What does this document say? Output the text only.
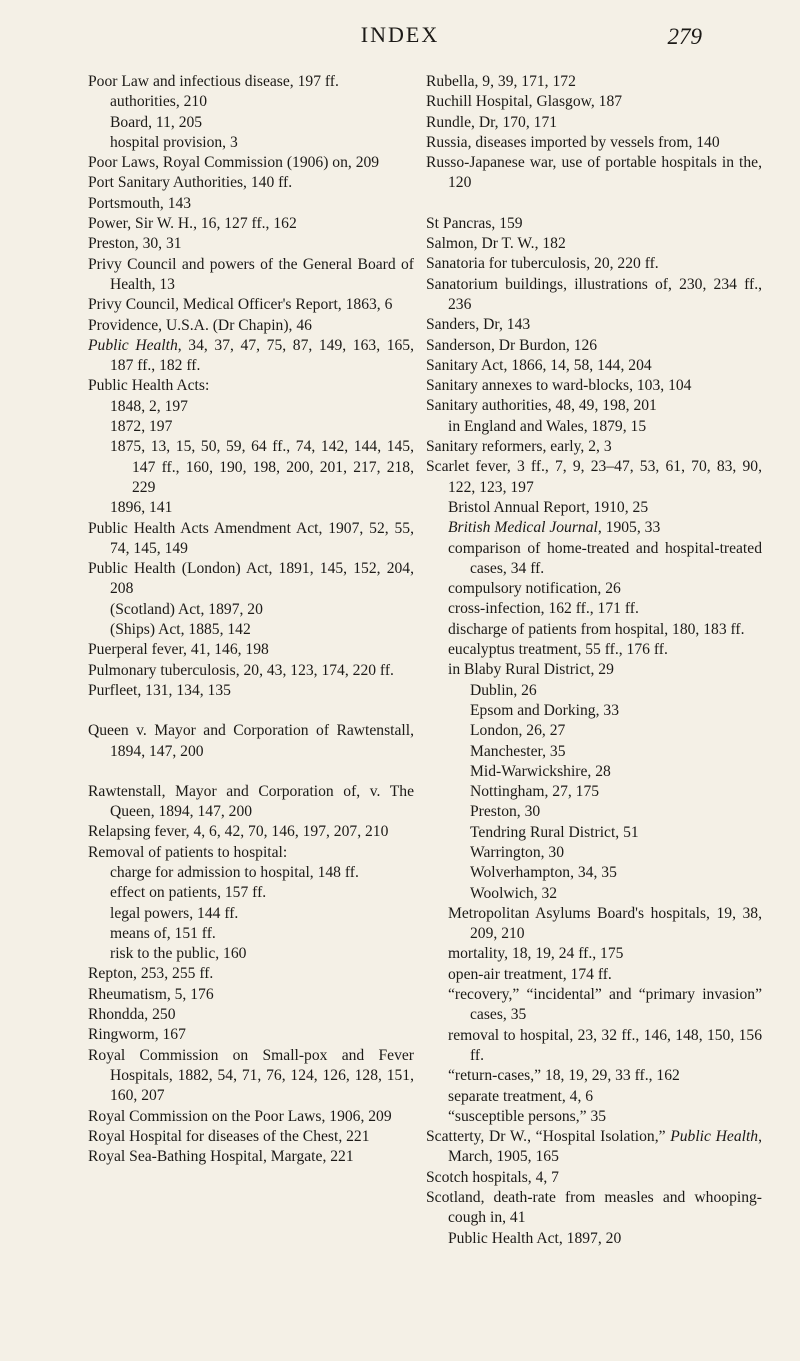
INDEX	279
Poor Law and infectious disease, 197 ff.
authorities, 210
Board, 11, 205
hospital provision, 3
Poor Laws, Royal Commission (1906) on, 209
Port Sanitary Authorities, 140 ff.
Portsmouth, 143
Power, Sir W. H., 16, 127 ff., 162
Preston, 30, 31
Privy Council and powers of the General Board of Health, 13
Privy Council, Medical Officer's Report, 1863, 6
Providence, U.S.A. (Dr Chapin), 46
Public Health, 34, 37, 47, 75, 87, 149, 163, 165, 187 ff., 182 ff.
Public Health Acts:
1848, 2, 197
1872, 197
1875, 13, 15, 50, 59, 64 ff., 74, 142, 144, 145, 147 ff., 160, 190, 198, 200, 201, 217, 218, 229
1896, 141
Public Health Acts Amendment Act, 1907, 52, 55, 74, 145, 149
Public Health (London) Act, 1891, 145, 152, 204, 208
(Scotland) Act, 1897, 20
(Ships) Act, 1885, 142
Puerperal fever, 41, 146, 198
Pulmonary tuberculosis, 20, 43, 123, 174, 220 ff.
Purfleet, 131, 134, 135
Queen v. Mayor and Corporation of Rawtenstall, 1894, 147, 200
Rawtenstall, Mayor and Corporation of, v. The Queen, 1894, 147, 200
Relapsing fever, 4, 6, 42, 70, 146, 197, 207, 210
Removal of patients to hospital:
charge for admission to hospital, 148 ff.
effect on patients, 157 ff.
legal powers, 144 ff.
means of, 151 ff.
risk to the public, 160
Repton, 253, 255 ff.
Rheumatism, 5, 176
Rhondda, 250
Ringworm, 167
Royal Commission on Small-pox and Fever Hospitals, 1882, 54, 71, 76, 124, 126, 128, 151, 160, 207
Royal Commission on the Poor Laws, 1906, 209
Royal Hospital for diseases of the Chest, 221
Royal Sea-Bathing Hospital, Margate, 221
Rubella, 9, 39, 171, 172
Ruchill Hospital, Glasgow, 187
Rundle, Dr, 170, 171
Russia, diseases imported by vessels from, 140
Russo-Japanese war, use of portable hospitals in the, 120
St Pancras, 159
Salmon, Dr T. W., 182
Sanatoria for tuberculosis, 20, 220 ff.
Sanatorium buildings, illustrations of, 230, 234 ff., 236
Sanders, Dr, 143
Sanderson, Dr Burdon, 126
Sanitary Act, 1866, 14, 58, 144, 204
Sanitary annexes to ward-blocks, 103, 104
Sanitary authorities, 48, 49, 198, 201
in England and Wales, 1879, 15
Sanitary reformers, early, 2, 3
Scarlet fever, 3 ff., 7, 9, 23–47, 53, 61, 70, 83, 90, 122, 123, 197
Bristol Annual Report, 1910, 25
British Medical Journal, 1905, 33
comparison of home-treated and hospital-treated cases, 34 ff.
compulsory notification, 26
cross-infection, 162 ff., 171 ff.
discharge of patients from hospital, 180, 183 ff.
eucalyptus treatment, 55 ff., 176 ff.
in Blaby Rural District, 29
Dublin, 26
Epsom and Dorking, 33
London, 26, 27
Manchester, 35
Mid-Warwickshire, 28
Nottingham, 27, 175
Preston, 30
Tendring Rural District, 51
Warrington, 30
Wolverhampton, 34, 35
Woolwich, 32
Metropolitan Asylums Board's hospitals, 19, 38, 209, 210
mortality, 18, 19, 24 ff., 175
open-air treatment, 174 ff.
“recovery,” “incidental” and “primary invasion” cases, 35
removal to hospital, 23, 32 ff., 146, 148, 150, 156 ff.
“return-cases,” 18, 19, 29, 33 ff., 162
separate treatment, 4, 6
“susceptible persons,” 35
Scatterty, Dr W., “Hospital Isolation,” Public Health, March, 1905, 165
Scotch hospitals, 4, 7
Scotland, death-rate from measles and whooping-cough in, 41
Public Health Act, 1897, 20
